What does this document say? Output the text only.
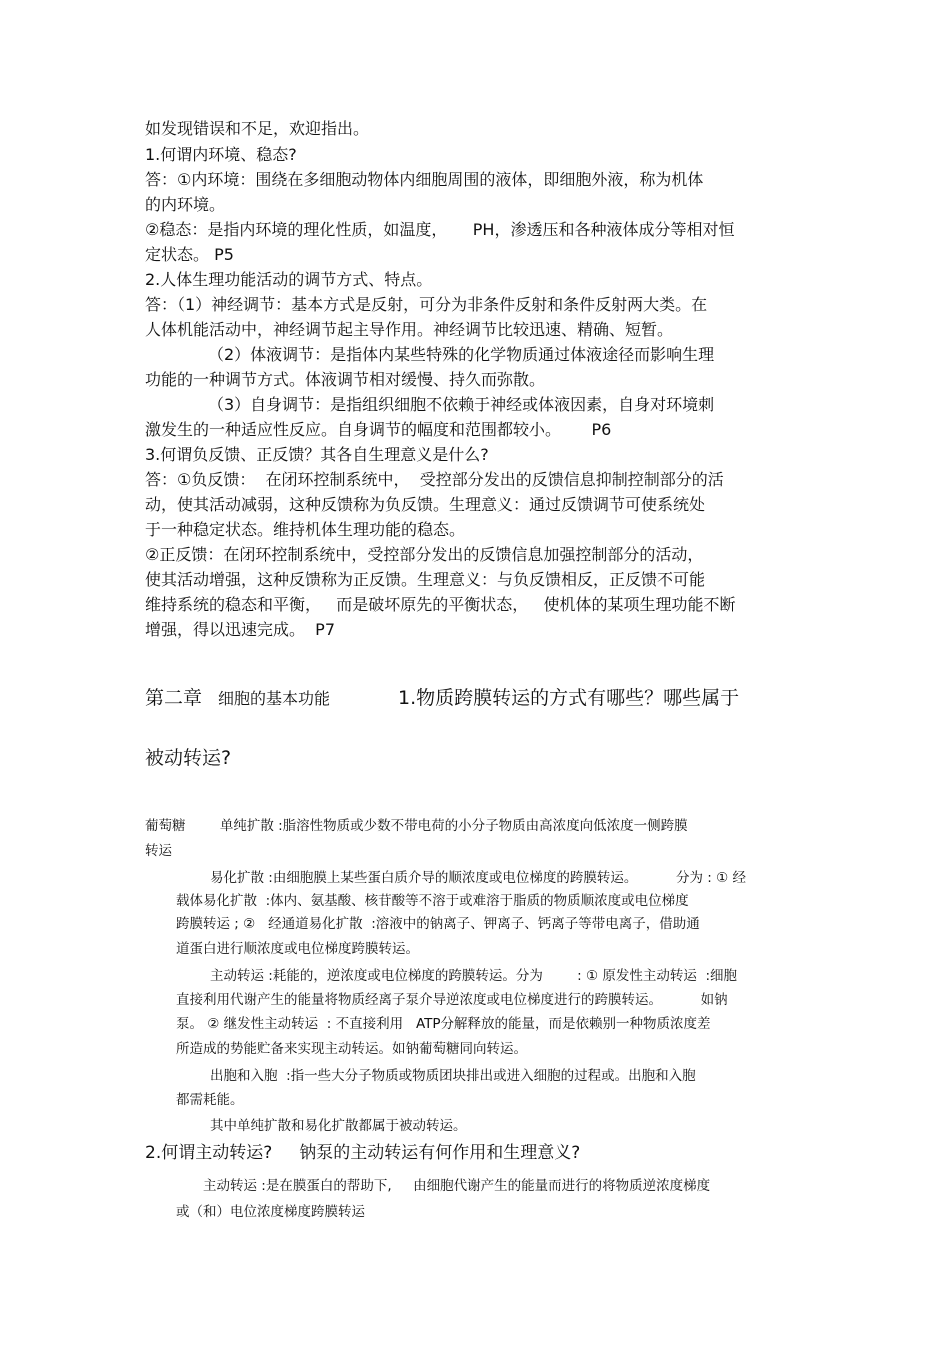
如发现错误和不足，欢迎指出。
1.何谓内环境、稳态?
答：①内环境：围绕在多细胞动物体内细胞周围的液体，即细胞外液，称为机体
的内环境。
②稳态：是指内环境的理化性质，如温度，     PH，渗透压和各种液体成分等相对恒
定状态。 P5
2.人体生理功能活动的调节方式、特点。
答：（1）神经调节：基本方式是反射，可分为非条件反射和条件反射两大类。在
人体机能活动中，神经调节起主导作用。神经调节比较迅速、精确、短暂。
（2）体液调节：是指体内某些特殊的化学物质通过体液途径而影响生理
功能的一种调节方式。体液调节相对缓慢、持久而弥散。
（3）自身调节：是指组织细胞不依赖于神经或体液因素，自身对环境刺
激发生的一种适应性反应。自身调节的幅度和范围都较小。      P6
3.何谓负反馈、正反馈？其各自生理意义是什么?
答：①负反馈：  在闭环控制系统中，  受控部分发出的反馈信息抑制控制部分的活
动，使其活动减弱，这种反馈称为负反馈。生理意义：通过反馈调节可使系统处
于一种稳定状态。维持机体生理功能的稳态。
②正反馈：在闭环控制系统中，受控部分发出的反馈信息加强控制部分的活动，
使其活动增强，这种反馈称为正反馈。生理意义：与负反馈相反，正反馈不可能
维持系统的稳态和平衡，   而是破坏原先的平衡状态，   使机体的某项生理功能不断
增强，得以迅速完成。  P7
第二章 细胞的基本功能	1.物质跨膜转运的方式有哪些？哪些属于
被动转运?
葡萄糖        单纯扩散 :脂溶性物质或少数不带电荷的小分子物质由高浓度向低浓度一侧跨膜
转运
易化扩散 :由细胞膜上某些蛋白质介导的顺浓度或电位梯度的跨膜转运。         分为 : ① 经
载体易化扩散  :体内、氨基酸、核苷酸等不溶于或难溶于脂质的物质顺浓度或电位梯度
跨膜转运 ; ②   经通道易化扩散  :溶液中的钠离子、钾离子、钙离子等带电离子，借助通
道蛋白进行顺浓度或电位梯度跨膜转运。
主动转运 :耗能的，逆浓度或电位梯度的跨膜转运。分为        : ① 原发性主动转运  :细胞
直接利用代谢产生的能量将物质经离子泵介导逆浓度或电位梯度进行的跨膜转运。         如钠
泵。 ② 继发性主动转运  : 不直接利用   ATP分解释放的能量，而是依赖别一种物质浓度差
所造成的势能贮备来实现主动转运。如钠葡萄糖同向转运。
出胞和入胞  :指一些大分子物质或物质团块排出或进入细胞的过程或。出胞和入胞
都需耗能。
其中单纯扩散和易化扩散都属于被动转运。
2.何谓主动转运?     钠泵的主动转运有何作用和生理意义?
主动转运 :是在膜蛋白的帮助下,     由细胞代谢产生的能量而进行的将物质逆浓度梯度
或（和）电位浓度梯度跨膜转运
